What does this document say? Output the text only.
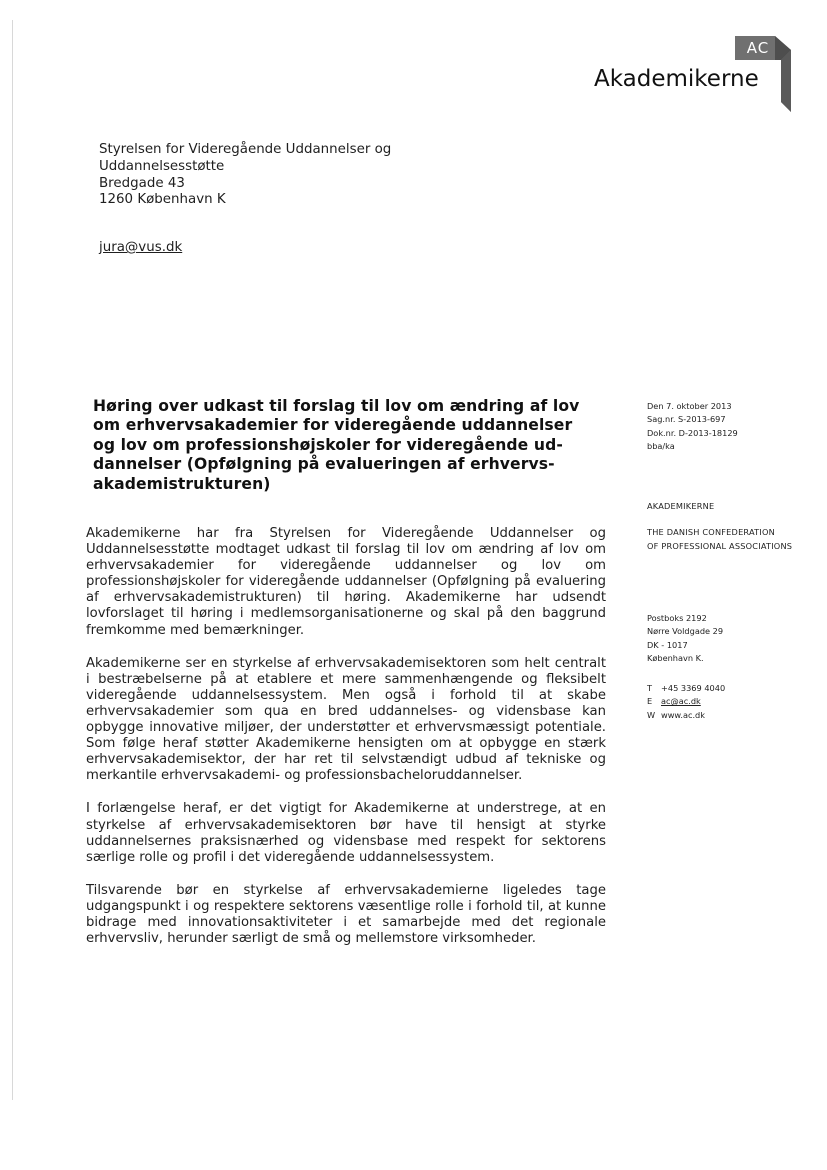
AC
Akademikerne
Styrelsen for Videregående Uddannelser og
Uddannelsesstøtte
Bredgade 43
1260 København K
jura@vus.dk
Høring over udkast til forslag til lov om ændring af lov
om erhvervsakademier for videregående uddannelser
og lov om professionshøjskoler for videregående ud-
dannelser (Opfølgning på evalueringen af erhvervs-
akademistrukturen)

Akademikerne har fra Styrelsen for Videregående Uddannelser og Uddannelsesstøtte modtaget udkast til forslag til lov om ændring af lov om erhvervsakademier for videregående uddannelser og lov om professionshøjskoler for videregående uddannelser (Opfølgning på evaluering af erhvervsakademistrukturen) til høring. Akademikerne har udsendt lovforslaget til høring i medlemsorganisationerne og skal på den baggrund fremkomme med bemærkninger.

Akademikerne ser en styrkelse af erhvervsakademisektoren som helt centralt i bestræbelserne på at etablere et mere sammenhængende og fleksibelt videregående uddannelsessystem. Men også i forhold til at skabe erhvervsakademier som qua en bred uddannelses- og vidensbase kan opbygge innovative miljøer, der understøtter et erhvervsmæssigt potentiale. Som følge heraf støtter Akademikerne hensigten om at opbygge en stærk erhvervsakademisektor, der har ret til selvstændigt udbud af tekniske og merkantile erhvervsakademi- og professionsbacheloruddannelser.

I forlængelse heraf, er det vigtigt for Akademikerne at understrege, at en styrkelse af erhvervsakademisektoren bør have til hensigt at styrke uddannelsernes praksisnærhed og vidensbase med respekt for sektorens særlige rolle og profil i det videregående uddannelsessystem.

Tilsvarende bør en styrkelse af erhvervsakademierne ligeledes tage udgangspunkt i og respektere sektorens væsentlige rolle i forhold til, at kunne bidrage med innovationsaktiviteter i et samarbejde med det regionale erhvervsliv, herunder særligt de små og mellemstore virksomheder.

Den 7. oktober 2013
Sag.nr. S-2013-697
Dok.nr. D-2013-18129
bba/ka
AKADEMIKERNE
THE DANISH CONFEDERATION
OF PROFESSIONAL ASSOCIATIONS
Postboks 2192
Nørre Voldgade 29
DK - 1017
København K.
T	+45 3369 4040
E	ac@ac.dk
W www.ac.dk
